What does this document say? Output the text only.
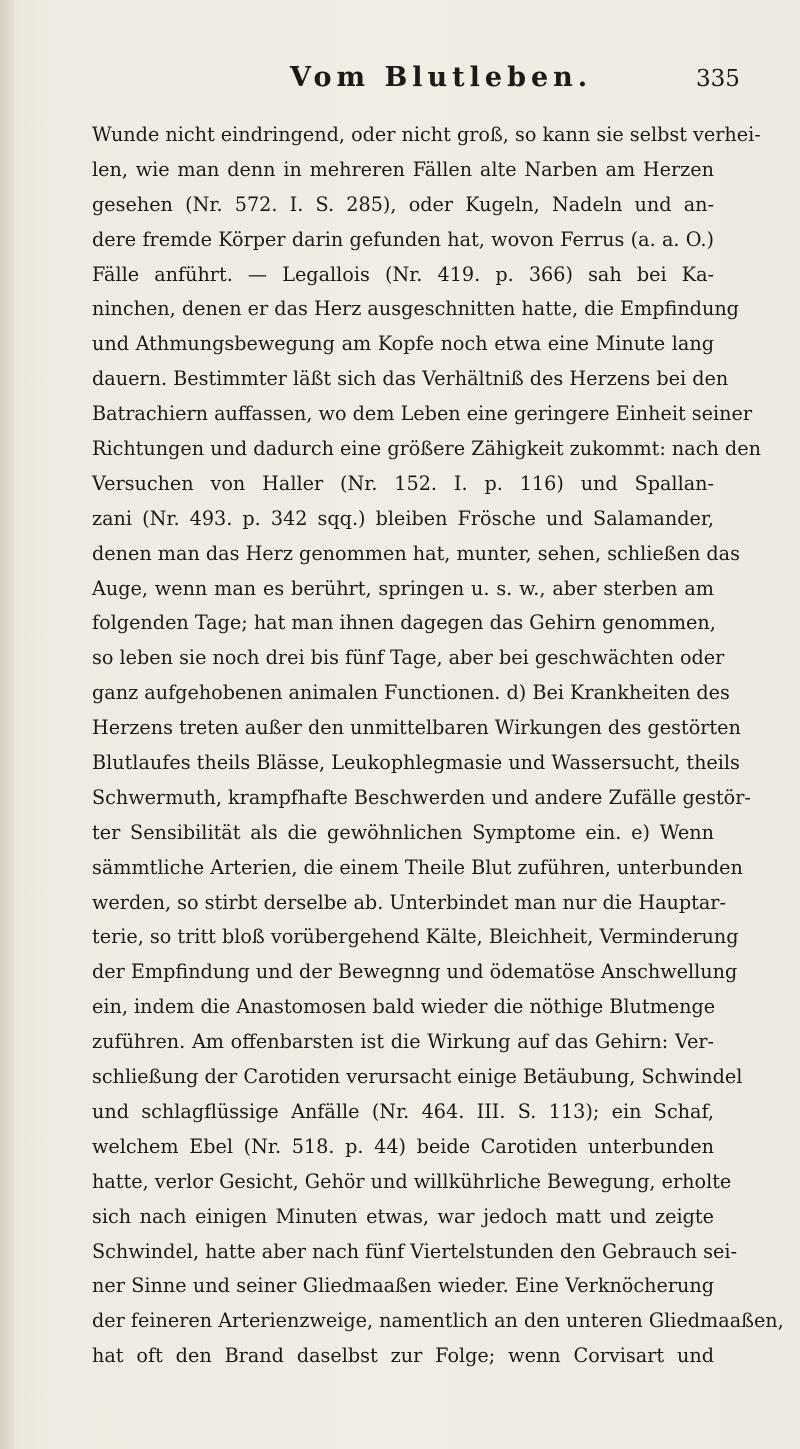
Vom Blutleben.	335
Wunde nicht eindringend, oder nicht groß, so kann sie selbst verhei-
len, wie man denn in mehreren Fällen alte Narben am Herzen
gesehen (Nr. 572. I. S. 285), oder Kugeln, Nadeln und an-
dere fremde Körper darin gefunden hat, wovon Ferrus (a. a. O.)
Fälle anführt. — Legallois (Nr. 419. p. 366) sah bei Ka-
ninchen, denen er das Herz ausgeschnitten hatte, die Empfindung
und Athmungsbewegung am Kopfe noch etwa eine Minute lang
dauern. Bestimmter läßt sich das Verhältniß des Herzens bei den
Batrachiern auffassen, wo dem Leben eine geringere Einheit seiner
Richtungen und dadurch eine größere Zähigkeit zukommt: nach den
Versuchen von Haller (Nr. 152. I. p. 116) und Spallan-
zani (Nr. 493. p. 342 sqq.) bleiben Frösche und Salamander,
denen man das Herz genommen hat, munter, sehen, schließen das
Auge, wenn man es berührt, springen u. s. w., aber sterben am
folgenden Tage; hat man ihnen dagegen das Gehirn genommen,
so leben sie noch drei bis fünf Tage, aber bei geschwächten oder
ganz aufgehobenen animalen Functionen. d) Bei Krankheiten des
Herzens treten außer den unmittelbaren Wirkungen des gestörten
Blutlaufes theils Blässe, Leukophlegmasie und Wassersucht, theils
Schwermuth, krampfhafte Beschwerden und andere Zufälle gestör-
ter Sensibilität als die gewöhnlichen Symptome ein. e) Wenn
sämmtliche Arterien, die einem Theile Blut zuführen, unterbunden
werden, so stirbt derselbe ab. Unterbindet man nur die Hauptar-
terie, so tritt bloß vorübergehend Kälte, Bleichheit, Verminderung
der Empfindung und der Bewegnng und ödematöse Anschwellung
ein, indem die Anastomosen bald wieder die nöthige Blutmenge
zuführen. Am offenbarsten ist die Wirkung auf das Gehirn: Ver-
schließung der Carotiden verursacht einige Betäubung, Schwindel
und schlagflüssige Anfälle (Nr. 464. III. S. 113); ein Schaf,
welchem Ebel (Nr. 518. p. 44) beide Carotiden unterbunden
hatte, verlor Gesicht, Gehör und willkührliche Bewegung, erholte
sich nach einigen Minuten etwas, war jedoch matt und zeigte
Schwindel, hatte aber nach fünf Viertelstunden den Gebrauch sei-
ner Sinne und seiner Gliedmaaßen wieder. Eine Verknöcherung
der feineren Arterienzweige, namentlich an den unteren Gliedmaaßen,
hat oft den Brand daselbst zur Folge; wenn Corvisart und
